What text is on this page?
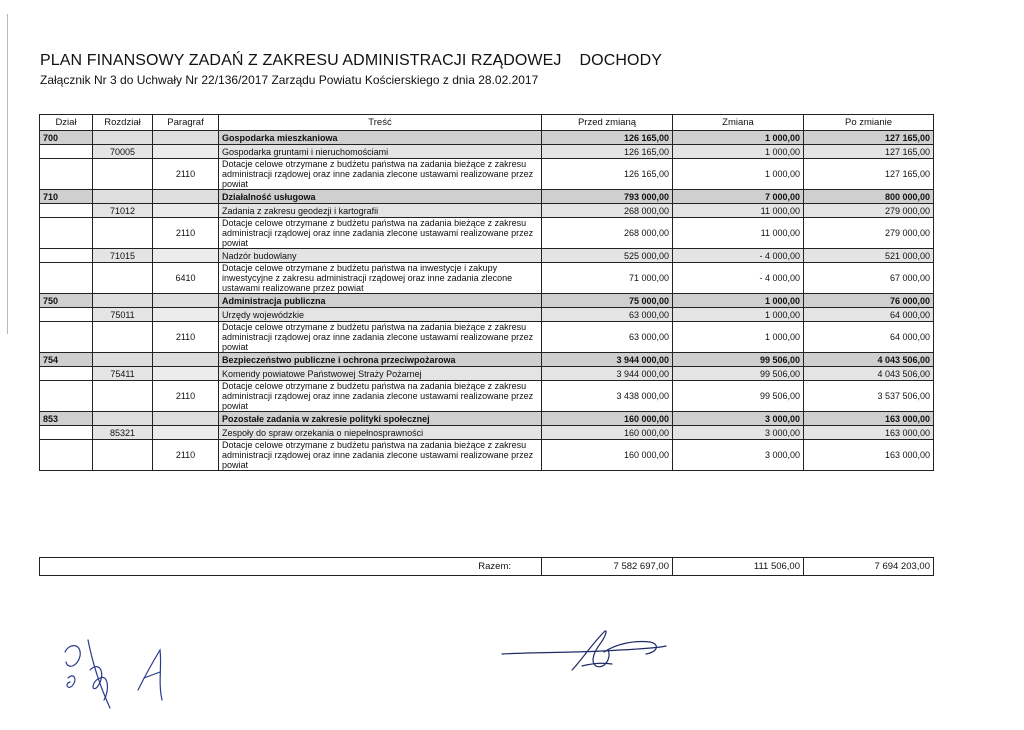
PLAN FINANSOWY ZADAŃ Z ZAKRESU ADMINISTRACJI RZĄDOWEJ DOCHODY
Załącznik Nr 3 do Uchwały Nr 22/136/2017 Zarządu Powiatu Kościerskiego z dnia 28.02.2017
Dział	Rozdział	Paragraf	Treść	Przed zmianą	Zmiana	Po zmianie
700			Gospodarka mieszkaniowa	126 165,00	1 000,00	127 165,00
	70005		Gospodarka gruntami i nieruchomościami	126 165,00	1 000,00	127 165,00
		2110	Dotacje celowe otrzymane z budżetu państwa na zadania bieżące z zakresu administracji rządowej oraz inne zadania zlecone ustawami realizowane przez powiat	126 165,00	1 000,00	127 165,00
710			Działalność usługowa	793 000,00	7 000,00	800 000,00
	71012		Zadania z zakresu geodezji i kartografii	268 000,00	11 000,00	279 000,00
		2110	Dotacje celowe otrzymane z budżetu państwa na zadania bieżące z zakresu administracji rządowej oraz inne zadania zlecone ustawami realizowane przez powiat	268 000,00	11 000,00	279 000,00
	71015		Nadzór budowlany	525 000,00	- 4 000,00	521 000,00
		6410	Dotacje celowe otrzymane z budżetu państwa na inwestycje i zakupy inwestycyjne z zakresu administracji rządowej oraz inne zadania zlecone ustawami realizowane przez powiat	71 000,00	- 4 000,00	67 000,00
750			Administracja publiczna	75 000,00	1 000,00	76 000,00
	75011		Urzędy wojewódzkie	63 000,00	1 000,00	64 000,00
		2110	Dotacje celowe otrzymane z budżetu państwa na zadania bieżące z zakresu administracji rządowej oraz inne zadania zlecone ustawami realizowane przez powiat	63 000,00	1 000,00	64 000,00
754			Bezpieczeństwo publiczne i ochrona przeciwpożarowa	3 944 000,00	99 506,00	4 043 506,00
	75411		Komendy powiatowe Państwowej Straży Pożarnej	3 944 000,00	99 506,00	4 043 506,00
		2110	Dotacje celowe otrzymane z budżetu państwa na zadania bieżące z zakresu administracji rządowej oraz inne zadania zlecone ustawami realizowane przez powiat	3 438 000,00	99 506,00	3 537 506,00
853			Pozostałe zadania w zakresie polityki społecznej	160 000,00	3 000,00	163 000,00
	85321		Zespoły do spraw orzekania o niepełnosprawności	160 000,00	3 000,00	163 000,00
		2110	Dotacje celowe otrzymane z budżetu państwa na zadania bieżące z zakresu administracji rządowej oraz inne zadania zlecone ustawami realizowane przez powiat	160 000,00	3 000,00	163 000,00
Razem:	7 582 697,00	111 506,00	7 694 203,00
